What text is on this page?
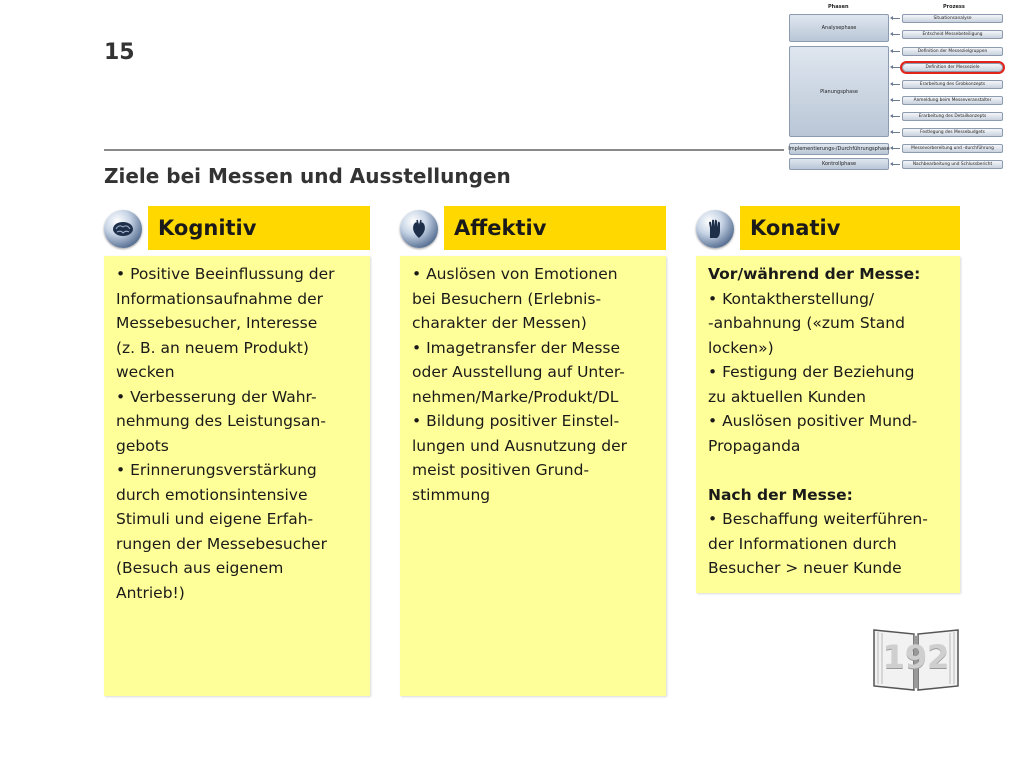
15
Ziele bei Messen und Ausstellungen
Phasen	Prozess
Analysephase
Planungsphase
Implementierungs-/Durchführungsphase
Kontrollphase
Situationsanalyse
Entscheid Messebeteiligung
Definition der Messezielgruppen
Definition der Messeziele
Erarbeitung des Grobkonzepts
Anmeldung beim Messeveranstalter
Erarbeitung des Detailkonzepts
Festlegung des Messebudgets
Messevorbereitung und -durchführung
Nachbearbeitung und Schlussbericht
Kognitiv

• Positive Beeinflussung der

Informationsaufnahme der

Messebesucher, Interesse

(z. B. an neuem Produkt)

wecken

• Verbesserung der Wahr-

nehmung des Leistungsan-

gebots

• Erinnerungsverstärkung

durch emotionsintensive

Stimuli und eigene Erfah-

rungen der Messebesucher

(Besuch aus eigenem

Antrieb!)

Affektiv

• Auslösen von Emotionen

bei Besuchern (Erlebnis-

charakter der Messen)

• Imagetransfer der Messe

oder Ausstellung auf Unter-

nehmen/Marke/Produkt/DL

• Bildung positiver Einstel-

lungen und Ausnutzung der

meist positiven Grund-

stimmung

Konativ

Vor/während der Messe:

• Kontaktherstellung/

-anbahnung («zum Stand

locken»)

• Festigung der Beziehung

zu aktuellen Kunden

• Auslösen positiver Mund-

Propaganda

Nach der Messe:

• Beschaffung weiterführen-

der Informationen durch

Besucher > neuer Kunde

192
